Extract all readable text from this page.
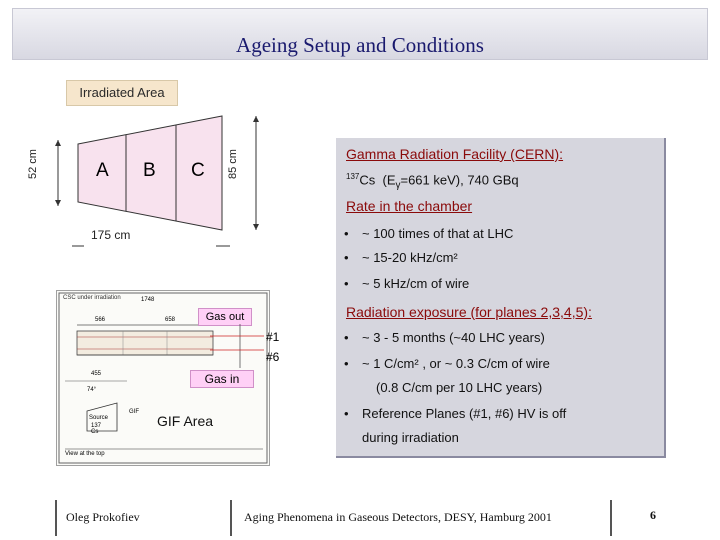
Ageing Setup and Conditions
Irradiated Area
52 cm	85 cm
175 cm
A B C
Gamma Radiation Facility (CERN):
$^{137}$Cs ($E_\gamma=661$ keV), 740 GBq
Rate in the chamber
• ~ 100 times of that at LHC
• ~ 15-20 kHz/cm²
• ~ 5 kHz/cm of wire
Radiation exposure (for planes 2,3,4,5):
• ~ 3 - 5 months (~40 LHC years)
• ~ 1 C/cm² , or ~ 0.3 C/cm of wire
(0.8 C/cm per 10 LHC years)
• Reference Planes (#1, #6) HV is off
during irradiation
CSC under irradiation	1748
566	658
455
74°
Source
137
Cs
GIF
View at the top
GIF Area
Gas out
Gas in
#1
#6
Oleg Prokofiev	Aging Phenomena in Gaseous Detectors, DESY, Hamburg 2001	6
